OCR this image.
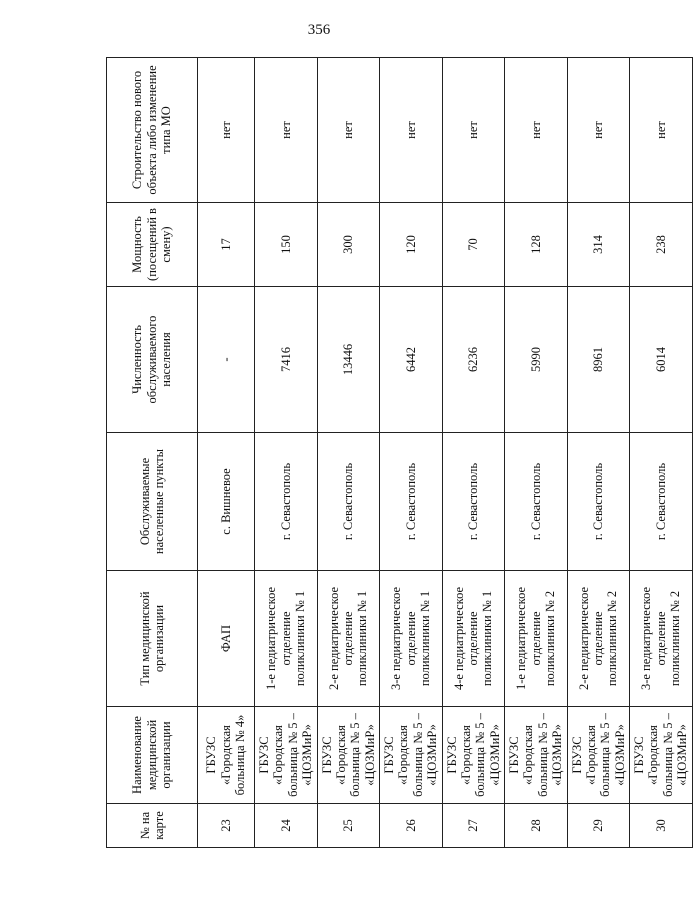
356
№ на карте	Наименование медицинской организации	Тип медицинской организации	Обслуживаемые населенные пункты	Численность обслуживаемого населения	Мощность (посещений в смену)	Строительство нового объекта либо изменение типа МО
23	ГБУЗС «Городская больница № 4»	ФАП	с. Вишневое	-	17	нет
24	ГБУЗС «Городская больница № 5 – «ЦОЗМиР»	1-е педиатрическое отделение поликлиники № 1	г. Севастополь	7416	150	нет
25	ГБУЗС «Городская больница № 5 – «ЦОЗМиР»	2-е педиатрическое отделение поликлиники № 1	г. Севастополь	13446	300	нет
26	ГБУЗС «Городская больница № 5 – «ЦОЗМиР»	3-е педиатрическое отделение поликлиники № 1	г. Севастополь	6442	120	нет
27	ГБУЗС «Городская больница № 5 – «ЦОЗМиР»	4-е педиатрическое отделение поликлиники № 1	г. Севастополь	6236	70	нет
28	ГБУЗС «Городская больница № 5 – «ЦОЗМиР»	1-е педиатрическое отделение поликлиники № 2	г. Севастополь	5990	128	нет
29	ГБУЗС «Городская больница № 5 – «ЦОЗМиР»	2-е педиатрическое отделение поликлиники № 2	г. Севастополь	8961	314	нет
30	ГБУЗС «Городская больница № 5 – «ЦОЗМиР»	3-е педиатрическое отделение поликлиники № 2	г. Севастополь	6014	238	нет
